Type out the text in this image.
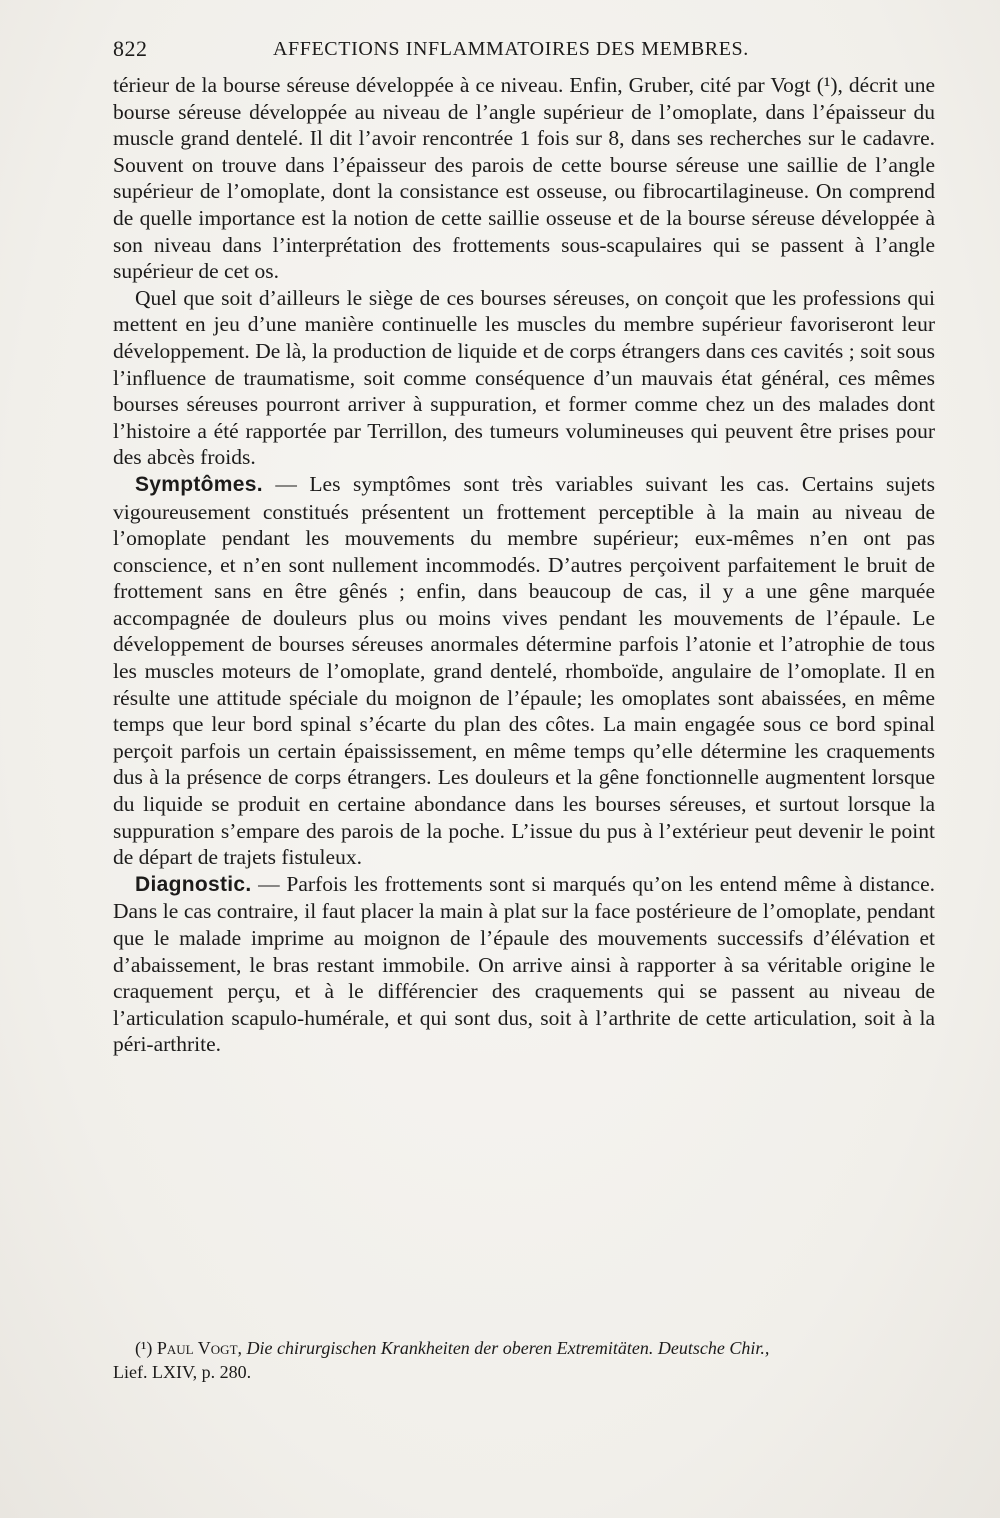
822	AFFECTIONS INFLAMMATOIRES DES MEMBRES.

térieur de la bourse séreuse développée à ce niveau. Enfin, Gruber, cité par Vogt (¹), décrit une bourse séreuse développée au niveau de l’angle supérieur de l’omoplate, dans l’épaisseur du muscle grand dentelé. Il dit l’avoir rencontrée 1 fois sur 8, dans ses recherches sur le cadavre. Souvent on trouve dans l’épaisseur des parois de cette bourse séreuse une saillie de l’angle supérieur de l’omoplate, dont la consistance est osseuse, ou fibrocartilagineuse. On comprend de quelle importance est la notion de cette saillie osseuse et de la bourse séreuse développée à son niveau dans l’interprétation des frottements sous-scapulaires qui se passent à l’angle supérieur de cet os.

Quel que soit d’ailleurs le siège de ces bourses séreuses, on conçoit que les professions qui mettent en jeu d’une manière continuelle les muscles du membre supérieur favoriseront leur développement. De là, la production de liquide et de corps étrangers dans ces cavités ; soit sous l’influence de traumatisme, soit comme conséquence d’un mauvais état général, ces mêmes bourses séreuses pourront arriver à suppuration, et former comme chez un des malades dont l’histoire a été rapportée par Terrillon, des tumeurs volumineuses qui peuvent être prises pour des abcès froids.

Symptômes. — Les symptômes sont très variables suivant les cas. Certains sujets vigoureusement constitués présentent un frottement perceptible à la main au niveau de l’omoplate pendant les mouvements du membre supérieur; eux-mêmes n’en ont pas conscience, et n’en sont nullement incommodés. D’autres perçoivent parfaitement le bruit de frottement sans en être gênés ; enfin, dans beaucoup de cas, il y a une gêne marquée accompagnée de douleurs plus ou moins vives pendant les mouvements de l’épaule. Le développement de bourses séreuses anormales détermine parfois l’atonie et l’atrophie de tous les muscles moteurs de l’omoplate, grand dentelé, rhomboïde, angulaire de l’omoplate. Il en résulte une attitude spéciale du moignon de l’épaule; les omoplates sont abaissées, en même temps que leur bord spinal s’écarte du plan des côtes. La main engagée sous ce bord spinal perçoit parfois un certain épaississement, en même temps qu’elle détermine les craquements dus à la présence de corps étrangers. Les douleurs et la gêne fonctionnelle augmentent lorsque du liquide se produit en certaine abondance dans les bourses séreuses, et surtout lorsque la suppuration s’empare des parois de la poche. L’issue du pus à l’extérieur peut devenir le point de départ de trajets fistuleux.

Diagnostic. — Parfois les frottements sont si marqués qu’on les entend même à distance. Dans le cas contraire, il faut placer la main à plat sur la face postérieure de l’omoplate, pendant que le malade imprime au moignon de l’épaule des mouvements successifs d’élévation et d’abaissement, le bras restant immobile. On arrive ainsi à rapporter à sa véritable origine le craquement perçu, et à le différencier des craquements qui se passent au niveau de l’articulation scapulo-humérale, et qui sont dus, soit à l’arthrite de cette articulation, soit à la péri-arthrite.

(¹) Paul Vogt, Die chirurgischen Krankheiten der oberen Extremitäten. Deutsche Chir.,
Lief. LXIV, p. 280.
